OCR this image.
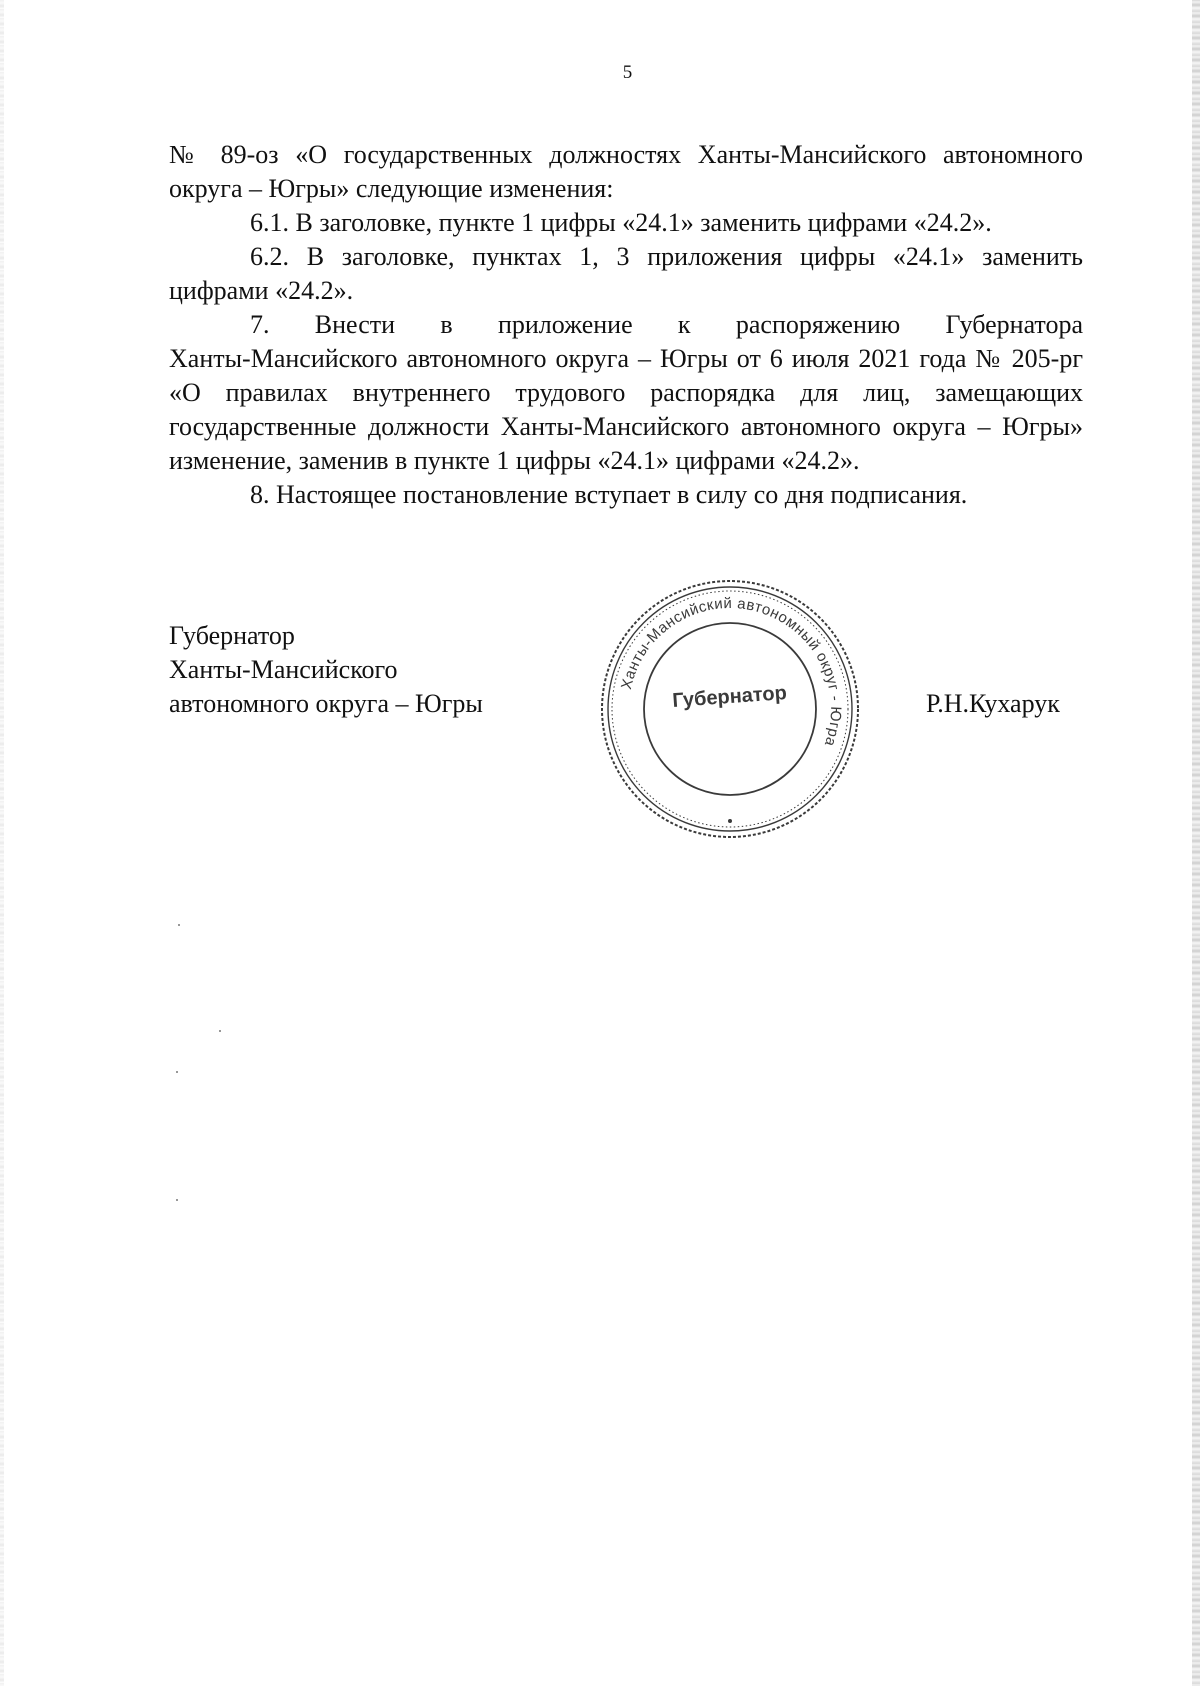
5

№ 89-оз «О государственных должностях Ханты-Мансийского автономного округа – Югры» следующие изменения:

6.1. В заголовке, пункте 1 цифры «24.1» заменить цифрами «24.2».

6.2. В заголовке, пунктах 1, 3 приложения цифры «24.1» заменить цифрами «24.2».

7. Внести в приложение к распоряжению Губернатора

Ханты-Мансийского автономного округа – Югры от 6 июля 2021 года № 205-рг «О правилах внутреннего трудового распорядка для лиц, замещающих государственные должности Ханты-Мансийского автономного округа – Югры» изменение, заменив в пункте 1 цифры «24.1» цифрами «24.2».

8. Настоящее постановление вступает в силу со дня подписания.

Губернатор
Ханты-Мансийского
автономного округа – Югры	Р.Н.Кухарук
Ханты-Мансийский автономный округ - Югра
Губернатор
